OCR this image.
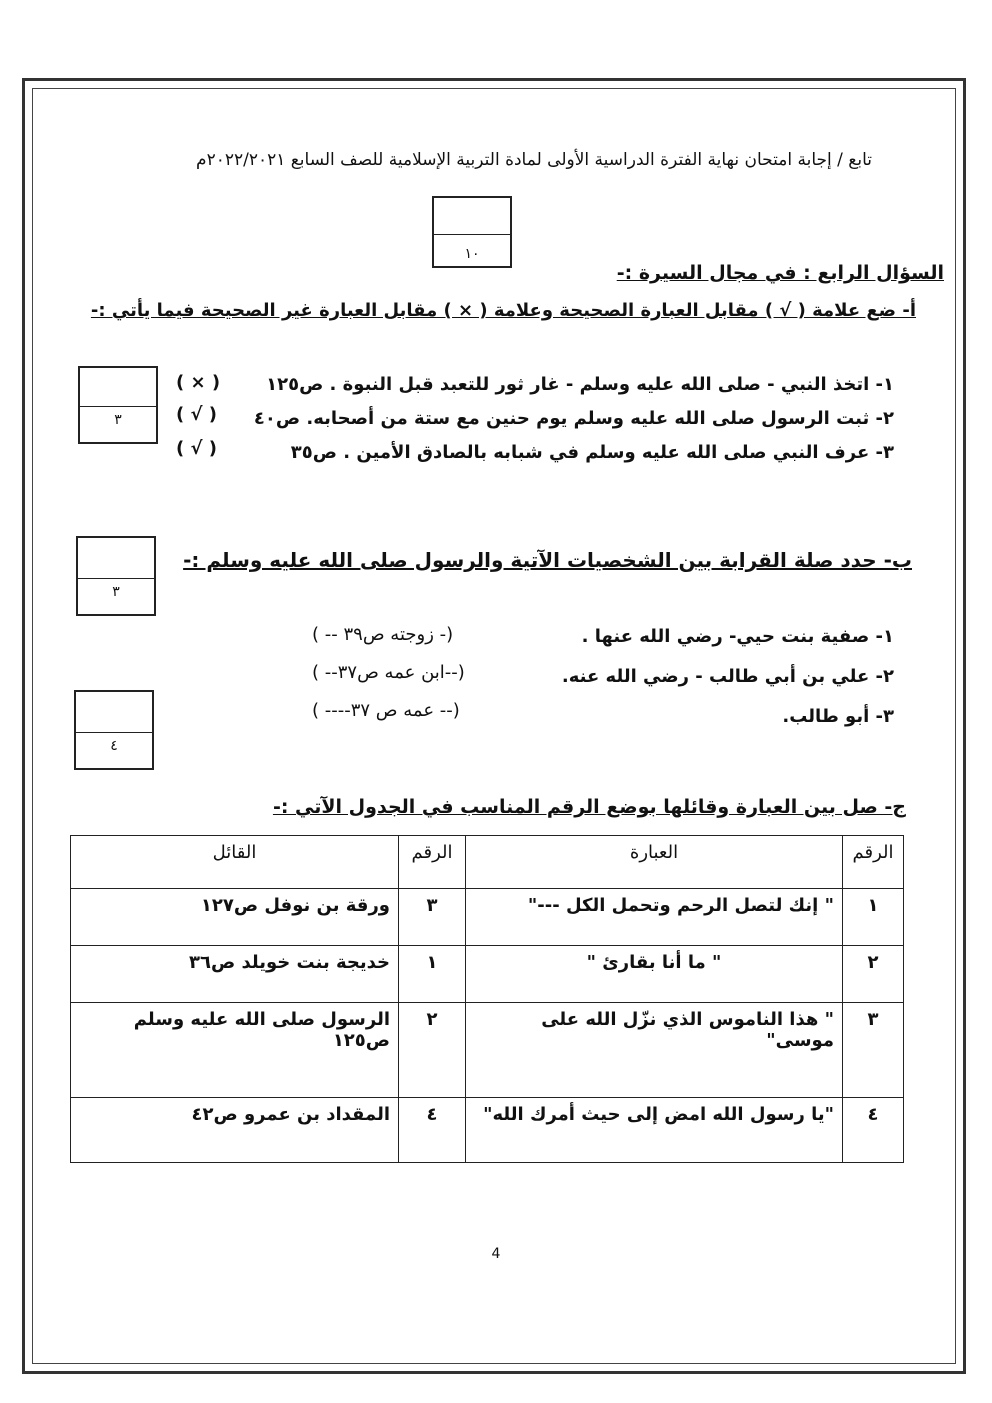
تابع / إجابة امتحان نهاية الفترة الدراسية الأولى لمادة التربية الإسلامية للصف السابع ٢٠٢٢/٢٠٢١م
١٠
السؤال الرابع : في مجال السيرة :-
أ- ضع علامة ( √ ) مقابل العبارة الصحيحة وعلامة ( × ) مقابل العبارة غير الصحيحة فيما يأتي :-
٣
١- اتخذ النبي - صلى الله عليه وسلم - غار ثور للتعبد قبل النبوة . ص١٢٥
( × )
٢- ثبت الرسول صلى الله عليه وسلم يوم حنين مع ستة من أصحابه. ص٤٠
( √ )
٣- عرف النبي صلى الله عليه وسلم في شبابه بالصادق الأمين . ص٣٥
( √ )
٣
ب- حدد صلة القرابة بين الشخصيات الآتية والرسول صلى الله عليه وسلم :-
١- صفية بنت حيي- رضي الله عنها .
(- زوجته ص٣٩ -- )
٢- علي بن أبي طالب - رضي الله عنه.
(--ابن عمه ص٣٧-- )
٣- أبو طالب.
(-- عمه ص ٣٧---- )
٤
ج- صل بين العبارة وقائلها بوضع الرقم المناسب في الجدول الآتي :-
الرقم	العبارة	الرقم	القائل
١	" إنك لتصل الرحم وتحمل الكل ---"	٣	ورقة بن نوفل ص١٢٧
٢	" ما أنا بقارئ "	١	خديجة بنت خويلد ص٣٦
٣	" هذا الناموس الذي نزّل الله على موسى"	٢	الرسول صلى الله عليه وسلم ص١٢٥
٤	"يا رسول الله امض إلى حيث أمرك الله"	٤	المقداد بن عمرو ص٤٢
4
